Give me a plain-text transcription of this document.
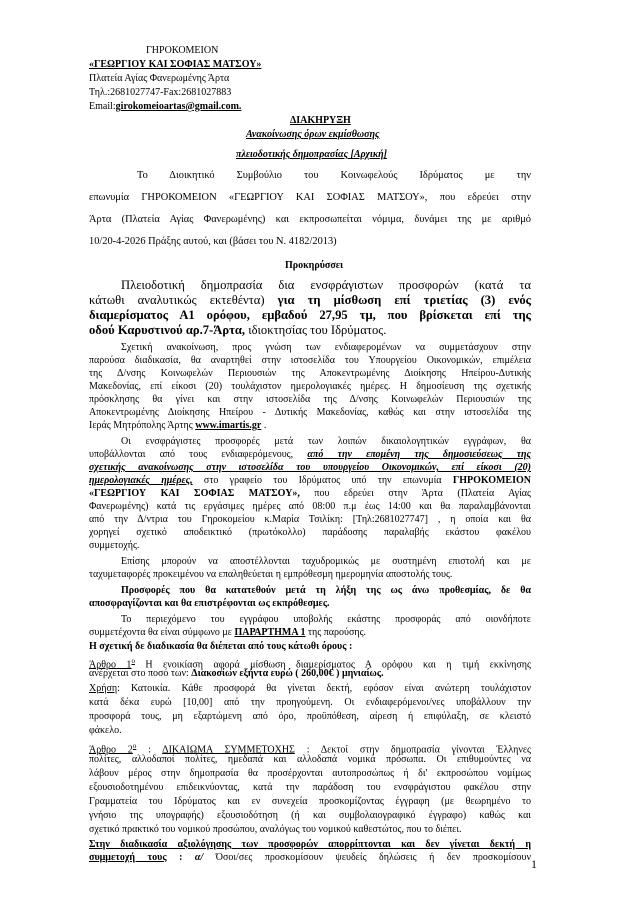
ΓΗΡΟΚΟΜΕΙΟΝ
«ΓΕΩΡΓΙΟΥ ΚΑΙ ΣΟΦΙΑΣ ΜΑΤΣΟΥ»
Πλατεία Αγίας Φανερωμένης Άρτα
Τηλ.:2681027747-Fax:2681027883
Email:girokomeioartas@gmail.com.
ΔΙΑΚΗΡΥΞΗ
Ανακοίνωσης όρων εκμίσθωσης
πλειοδοτικής δημοπρασίας [Αρχική]
Το Διοικητικό Συμβούλιο του Κοινωφελούς Ιδρύματος με την
επωνυμία ΓΗΡΟΚΟΜΕΙΟΝ «ΓΕΩΡΓΙΟΥ ΚΑΙ ΣΟΦΙΑΣ ΜΑΤΣΟΥ», που εδρεύει στην
Άρτα (Πλατεία Αγίας Φανερωμένης) και εκπροσωπείται νόμιμα, δυνάμει της με αριθμό
10/20-4-2026 Πράξης αυτού, και (βάσει του Ν. 4182/2013)
Προκηρύσσει
Πλειοδοτική δημοπρασία δια ενσφράγιστων προσφορών (κατά τα
κάτωθι αναλυτικώς εκτεθέντα) για τη μίσθωση επί τριετίας (3) ενός
διαμερίσματος Α1 ορόφου, εμβαδού 27,95 τμ, που βρίσκεται επί της
οδού Καρυστινού αρ.7-Άρτα, ιδιοκτησίας του Ιδρύματος.
Σχετική ανακοίνωση, προς γνώση των ενδιαφερομένων να συμμετάσχουν στην
παρούσα διαδικασία, θα αναρτηθεί στην ιστοσελίδα του Υπουργείου Οικονομικών, επιμέλεια
της Δ/νσης Κοινωφελών Περιουσιών της Αποκεντρωμένης Διοίκησης Ηπείρου-Δυτικής
Μακεδονίας, επί είκοσι (20) τουλάχιστον ημερολογιακές ημέρες. Η δημοσίευση της σχετικής
πρόσκλησης θα γίνει και στην ιστοσελίδα της Δ/νσης Κοινωφελών Περιουσιών της
Αποκεντρωμένης Διοίκησης Ηπείρου - Δυτικής Μακεδονίας, καθώς και στην ιστοσελίδα της
Ιεράς Μητρόπολης Άρτης www.imartis.gr .
Οι ενσφράγιστες προσφορές μετά των λοιπών δικαιολογητικών εγγράφων, θα
υποβάλλονται από τους ενδιαφερόμενους, από την επομένη της δημοσιεύσεως της
σχετικής ανακοίνωσης στην ιστοσελίδα του υπουργείου Οικονομικών, επί είκοσι (20)
ημερολογιακές ημέρες, στο γραφείο του Ιδρύματος υπό την επωνυμία ΓΗΡΟΚΟΜΕΙΟΝ
«ΓΕΩΡΓΙΟΥ ΚΑΙ ΣΟΦΙΑΣ ΜΑΤΣΟΥ», που εδρεύει στην Άρτα (Πλατεία Αγίας
Φανερωμένης) κατά τις εργάσιμες ημέρες από 08:00 π.μ έως 14:00 και θα παραλαμβάνονται
από την Δ/ντρια του Γηροκομείου κ.Μαρία Τσιλίκη: [Τηλ:2681027747] , η οποία και θα
χορηγεί σχετικό αποδεικτικό (πρωτόκολλο) παράδοσης παραλαβής εκάστου φακέλου
συμμετοχής.
Επίσης μπορούν να αποστέλλονται ταχυδρομικώς με συστημένη επιστολή και με
ταχυμεταφορές προκειμένου να επαληθεύεται η εμπρόθεσμη ημερομηνία αποστολής τους.
Προσφορές που θα κατατεθούν μετά τη λήξη της ως άνω προθεσμίας, δε θα
αποσφραγίζονται και θα επιστρέφονται ως εκπρόθεσμες.
Το περιεχόμενο του εγγράφου υποβολής εκάστης προσφοράς από οιονδήποτε
συμμετέχοντα θα είναι σύμφωνο με ΠΑΡΑΡΤΗΜΑ 1 της παρούσης.
Η σχετική δε διαδικασία θα διέπεται από τους κάτωθι όρους :
Άρθρο $1^o$ Η ενοικίαση αφορά μίσθωση διαμερίσματος Α ορόφου και η τιμή εκκίνησης
ανέρχεται στο ποσό των: Διακοσίων εξήντα ευρώ ( 260,00€ ) μηνιαίως.
Χρήση: Κατοικία. Κάθε προσφορά θα γίνεται δεκτή, εφόσον είναι ανώτερη τουλάχιστον
κατά δέκα ευρώ [10,00] από την προηγούμενη. Οι ενδιαφερόμενοι/νες υποβάλλουν την
προσφορά τους, μη εξαρτώμενη από όρο, προϋπόθεση, αίρεση ή επιφύλαξη, σε κλειστό
φάκελο.
Άρθρο $2^o$ : ΔΙΚΑΙΩΜΑ ΣΥΜΜΕΤΟΧΗΣ : Δεκτοί στην δημοπρασία γίνονται Έλληνες
πολίτες, αλλοδαποί πολίτες, ημεδαπά και αλλοδαπά νομικά πρόσωπα. Οι επιθυμούντες να
λάβουν μέρος στην δημοπρασία θα προσέρχονται αυτοπροσώπως ή δι' εκπροσώπου νομίμως
εξουσιοδοτημένου επιδεικνύοντας, κατά την παράδοση του ενσφράγιστου φακέλου στην
Γραμματεία του Ιδρύματος και εν συνεχεία προσκομίζοντας έγγραφη (με θεωρημένο το
γνήσιο της υπογραφής) εξουσιοδότηση (ή και συμβολαιογραφικό έγγραφο) καθώς και
σχετικό πρακτικό του νομικού προσώπου, αναλόγως του νομικού καθεστώτος, που το διέπει.
Στην διαδικασία αξιολόγησης των προσφορών απορρίπτονται και δεν γίνεται δεκτή η
συμμετοχή τους : α/ Όσοι/σες προσκομίσουν ψευδείς δηλώσεις ή δεν προσκομίσουν 1
